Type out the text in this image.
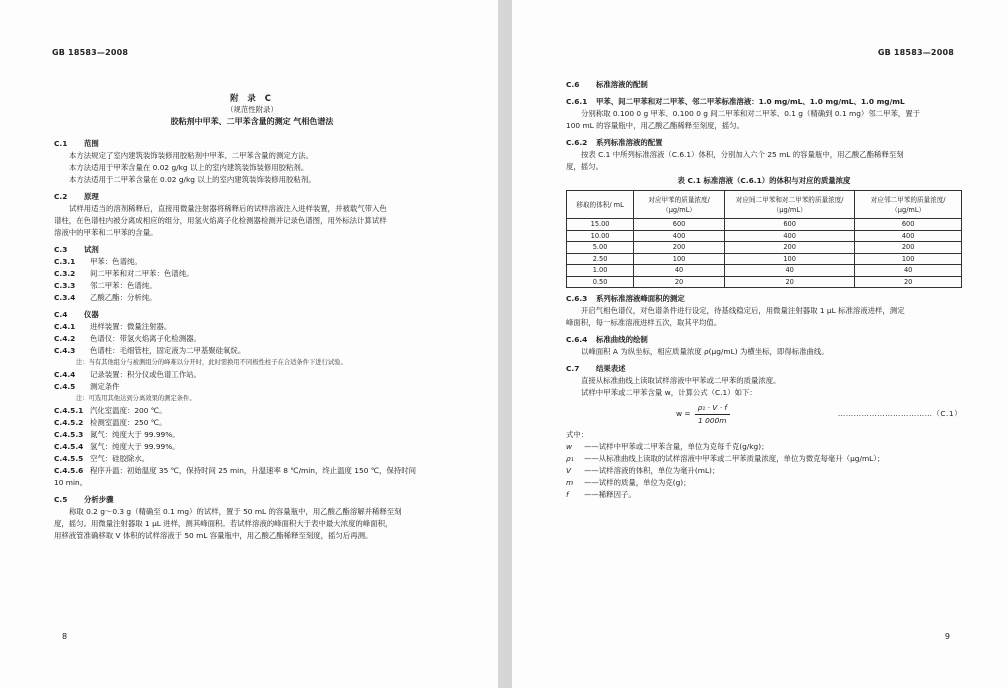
GB 18583—2008
附 录 C
（规范性附录）
胶粘剂中甲苯、二甲苯含量的测定 气相色谱法
C.1 范围
本方法规定了室内建筑装饰装修用胶粘剂中甲苯、二甲苯含量的测定方法。
本方法适用于甲苯含量在 0.02 g/kg 以上的室内建筑装饰装修用胶粘剂。
本方法适用于二甲苯含量在 0.02 g/kg 以上的室内建筑装饰装修用胶粘剂。
C.2 原理
试样用适当的溶剂稀释后，直接用微量注射器将稀释后的试样溶液注入进样装置，并被载气带入色
谱柱，在色谱柱内被分离成相应的组分，用氢火焰离子化检测器检测并记录色谱图，用外标法计算试样
溶液中的甲苯和二甲苯的含量。
C.3 试剂
C.3.1	甲苯：色谱纯。
C.3.2	间二甲苯和对二甲苯：色谱纯。
C.3.3	邻二甲苯：色谱纯。
C.3.4	乙酸乙酯：分析纯。
C.4 仪器
C.4.1	进样装置：微量注射器。
C.4.2	色谱仪：带氢火焰离子化检测器。
C.4.3	色谱柱：毛细管柱，固定液为二甲基聚硅氧烷。
注：当有其他组分与被测组分的峰难以分开时，此时需换用不同极性柱子在合适条件下进行试验。
C.4.4	记录装置：积分仪或色谱工作站。
C.4.5	测定条件
注：可选用其他达到分离效果的测定条件。
C.4.5.1 汽化室温度：200 ℃。
C.4.5.2 检测室温度：250 ℃。
C.4.5.3 氮气：纯度大于 99.99%。
C.4.5.4 氢气：纯度大于 99.99%。
C.4.5.5 空气：硅胶除水。
C.4.5.6 程序升温：初始温度 35 ℃，保持时间 25 min，升温速率 8 ℃/min，终止温度 150 ℃，保持时间
10 min。
C.5 分析步骤
称取 0.2 g～0.3 g（精确至 0.1 mg）的试样，置于 50 mL 的容量瓶中，用乙酸乙酯溶解并稀释至刻
度，摇匀。用微量注射器取 1 μL 进样，测其峰面积。若试样溶液的峰面积大于表中最大浓度的峰面积，
用移液管准确移取 V 体积的试样溶液于 50 mL 容量瓶中，用乙酸乙酯稀释至刻度，摇匀后再测。
8
GB 18583—2008
C.6 标准溶液的配制
C.6.1 甲苯、间二甲苯和对二甲苯、邻二甲苯标准溶液：1.0 mg/mL、1.0 mg/mL、1.0 mg/mL
分别称取 0.100 0 g 甲苯、0.100 0 g 间二甲苯和对二甲苯、0.1 g（精确到 0.1 mg）邻二甲苯，置于
100 mL 的容量瓶中，用乙酸乙酯稀释至刻度，摇匀。
C.6.2 系列标准溶液的配置
按表 C.1 中所列标准溶液（C.6.1）体积，分别加入六个 25 mL 的容量瓶中，用乙酸乙酯稀释至刻
度，摇匀。
表 C.1 标准溶液（C.6.1）的体积与对应的质量浓度
移取的体积/ mL	对应甲苯的质量浓度/ （μg/mL）	对应间二甲苯和对二甲苯的质量浓度/ （μg/mL）	对应邻二甲苯的质量浓度/ （μg/mL）
15.00	600	600	600
10.00	400	400	400
5.00	200	200	200
2.50	100	100	100
1.00	40	40	40
0.50	20	20	20
C.6.3 系列标准溶液峰面积的测定
开启气相色谱仪，对色谱条件进行设定，待基线稳定后，用微量注射器取 1 μL 标准溶液进样，测定
峰面积，每一标准溶液进样五次，取其平均值。
C.6.4 标准曲线的绘制
以峰面积 A 为纵坐标，相应质量浓度 ρ(μg/mL) 为横坐标，即得标准曲线。
C.7 结果表述
直接从标准曲线上读取试样溶液中甲苯或二甲苯的质量浓度。
试样中甲苯或二甲苯含量 w，计算公式（C.1）如下：
$w = \frac{\text{ρ₁ · V · f}}{1 000m}$	………………………………（C.1）
式中：
w	——试样中甲苯或二甲苯含量，单位为克每千克(g/kg)；
ρ₁	——从标准曲线上读取的试样溶液中甲苯或二甲苯质量浓度，单位为微克每毫升（μg/mL）；
V	——试样溶液的体积，单位为毫升(mL)；
m	——试样的质量，单位为克(g)；
f	——稀释因子。
9
